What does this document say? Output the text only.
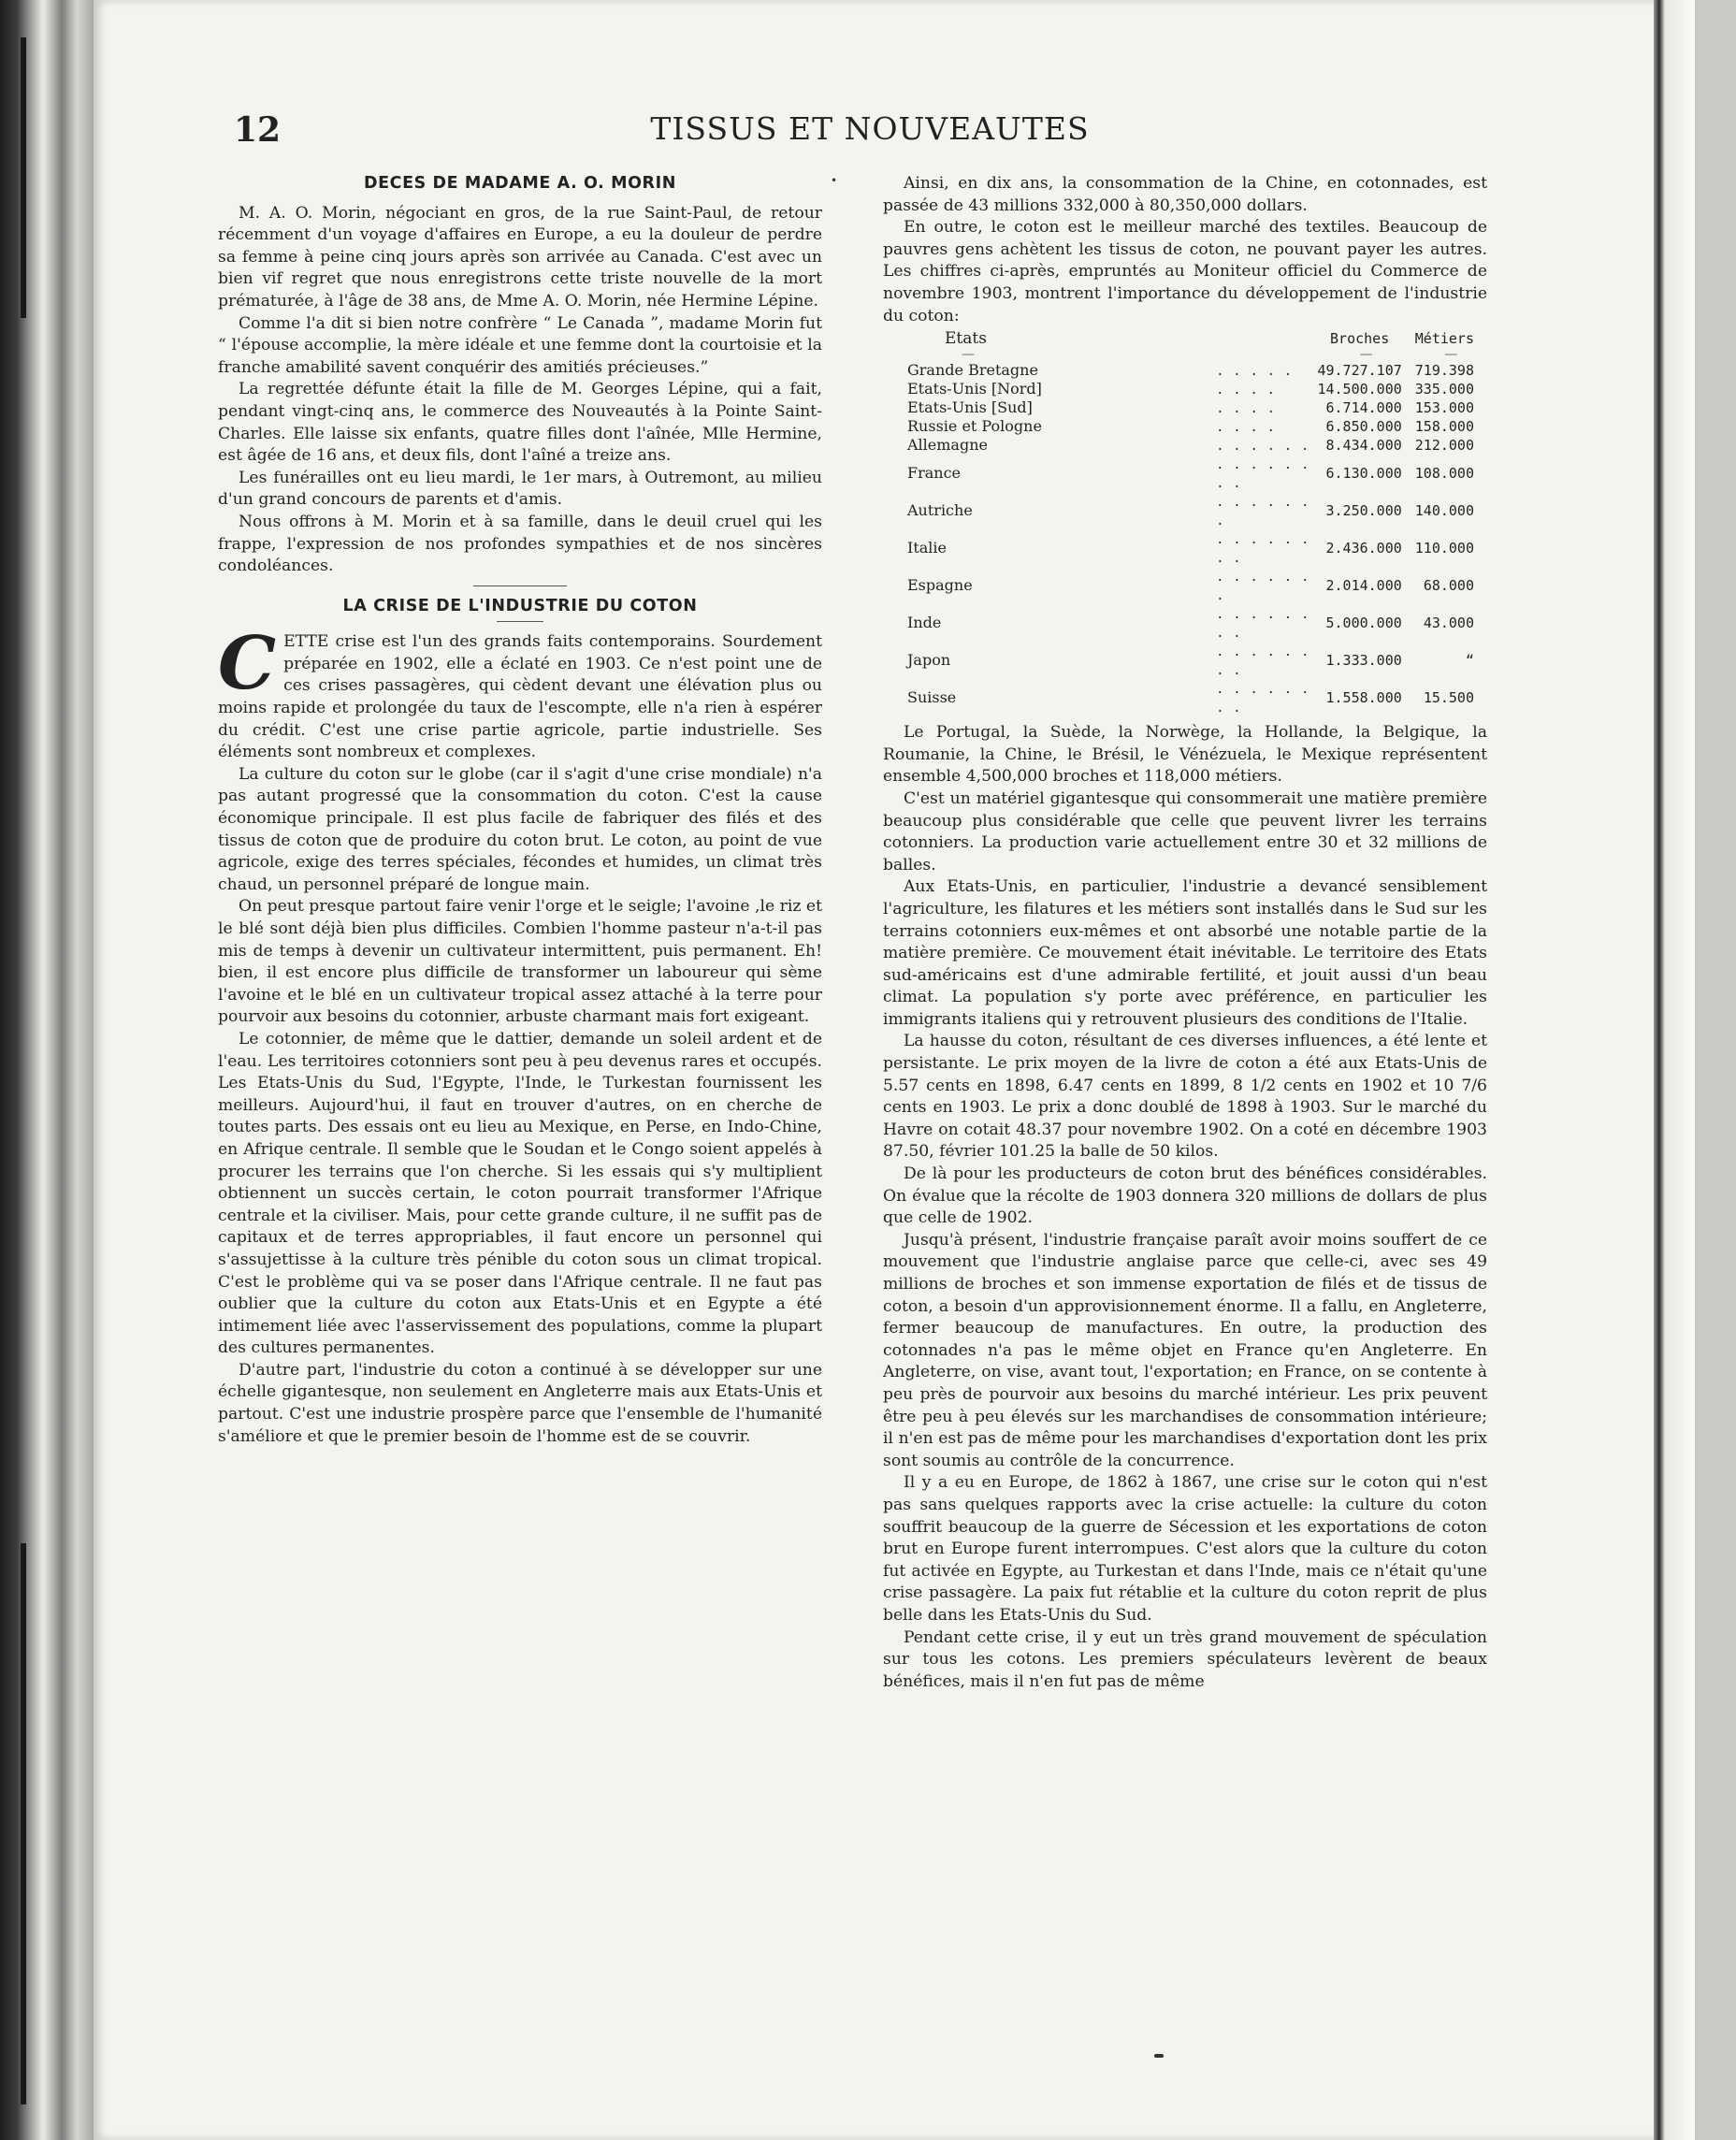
12	TISSUS ET NOUVEAUTES
•
DECES DE MADAME A. O. MORIN

M. A. O. Morin, négociant en gros, de la rue Saint-Paul, de retour récemment d'un voyage d'affaires en Europe, a eu la douleur de perdre sa femme à peine cinq jours après son arrivée au Canada. C'est avec un bien vif regret que nous enregistrons cette triste nouvelle de la mort prématurée, à l'âge de 38 ans, de Mme A. O. Morin, née Hermine Lépine.

Comme l'a dit si bien notre confrère “ Le Canada ”, madame Morin fut “ l'épouse accomplie, la mère idéale et une femme dont la courtoisie et la franche amabilité savent conquérir des amitiés précieuses.”

La regrettée défunte était la fille de M. Georges Lépine, qui a fait, pendant vingt-cinq ans, le commerce des Nouveautés à la Pointe Saint-Charles. Elle laisse six enfants, quatre filles dont l'aînée, Mlle Hermine, est âgée de 16 ans, et deux fils, dont l'aîné a treize ans.

Les funérailles ont eu lieu mardi, le 1er mars, à Outremont, au milieu d'un grand concours de parents et d'amis.

Nous offrons à M. Morin et à sa famille, dans le deuil cruel qui les frappe, l'expression de nos profondes sympathies et de nos sincères condoléances.

LA CRISE DE L'INDUSTRIE DU COTON

CETTE crise est l'un des grands faits contemporains. Sourdement préparée en 1902, elle a éclaté en 1903. Ce n'est point une de ces crises passagères, qui cèdent devant une élévation plus ou moins rapide et prolongée du taux de l'escompte, elle n'a rien à espérer du crédit. C'est une crise partie agricole, partie industrielle. Ses éléments sont nombreux et complexes.

La culture du coton sur le globe (car il s'agit d'une crise mondiale) n'a pas autant progressé que la consommation du coton. C'est la cause économique principale. Il est plus facile de fabriquer des filés et des tissus de coton que de produire du coton brut. Le coton, au point de vue agricole, exige des terres spéciales, fécondes et humides, un climat très chaud, un personnel préparé de longue main.

On peut presque partout faire venir l'orge et le seigle; l'avoine ,le riz et le blé sont déjà bien plus difficiles. Combien l'homme pasteur n'a-t-il pas mis de temps à devenir un cultivateur intermittent, puis permanent. Eh! bien, il est encore plus difficile de transformer un laboureur qui sème l'avoine et le blé en un cultivateur tropical assez attaché à la terre pour pourvoir aux besoins du cotonnier, arbuste charmant mais fort exigeant.

Le cotonnier, de même que le dattier, demande un soleil ardent et de l'eau. Les territoires cotonniers sont peu à peu devenus rares et occupés. Les Etats-Unis du Sud, l'Egypte, l'Inde, le Turkestan fournissent les meilleurs. Aujourd'hui, il faut en trouver d'autres, on en cherche de toutes parts. Des essais ont eu lieu au Mexique, en Perse, en Indo-Chine, en Afrique centrale. Il semble que le Soudan et le Congo soient appelés à procurer les terrains que l'on cherche. Si les essais qui s'y multiplient obtiennent un succès certain, le coton pourrait transformer l'Afrique centrale et la civiliser. Mais, pour cette grande culture, il ne suffit pas de capitaux et de terres appropriables, il faut encore un personnel qui s'assujettisse à la culture très pénible du coton sous un climat tropical. C'est le problème qui va se poser dans l'Afrique centrale. Il ne faut pas oublier que la culture du coton aux Etats-Unis et en Egypte a été intimement liée avec l'asservissement des populations, comme la plupart des cultures permanentes.

D'autre part, l'industrie du coton a continué à se développer sur une échelle gigantesque, non seulement en Angleterre mais aux Etats-Unis et partout. C'est une industrie prospère parce que l'ensemble de l'humanité s'améliore et que le premier besoin de l'homme est de se couvrir.

Ainsi, en dix ans, la consommation de la Chine, en cotonnades, est passée de 43 millions 332,000 à 80,350,000 dollars.

En outre, le coton est le meilleur marché des textiles. Beaucoup de pauvres gens achètent les tissus de coton, ne pouvant payer les autres. Les chiffres ci-après, empruntés au Moniteur officiel du Commerce de novembre 1903, montrent l'importance du développement de l'industrie du coton:

Etats		Broches	Métiers
—		—	—
Grande Bretagne	. . . . .	49.727.107	719.398
Etats-Unis [Nord]	. . . .	14.500.000	335.000
Etats-Unis [Sud]	. . . .	6.714.000	153.000
Russie et Pologne	. . . .	6.850.000	158.000
Allemagne	. . . . . .	8.434.000	212.000
France	. . . . . . . .	6.130.000	108.000
Autriche	. . . . . . .	3.250.000	140.000
Italie	. . . . . . . .	2.436.000	110.000
Espagne	. . . . . . .	2.014.000	68.000
Inde	. . . . . . . .	5.000.000	43.000
Japon	. . . . . . . .	1.333.000	“
Suisse	. . . . . . . .	1.558.000	15.500

Le Portugal, la Suède, la Norwège, la Hollande, la Belgique, la Roumanie, la Chine, le Brésil, le Vénézuela, le Mexique représentent ensemble 4,500,000 broches et 118,000 métiers.

C'est un matériel gigantesque qui consommerait une matière première beaucoup plus considérable que celle que peuvent livrer les terrains cotonniers. La production varie actuellement entre 30 et 32 millions de balles.

Aux Etats-Unis, en particulier, l'industrie a devancé sensiblement l'agriculture, les filatures et les métiers sont installés dans le Sud sur les terrains cotonniers eux-mêmes et ont absorbé une notable partie de la matière première. Ce mouvement était inévitable. Le territoire des Etats sud-américains est d'une admirable fertilité, et jouit aussi d'un beau climat. La population s'y porte avec préférence, en particulier les immigrants italiens qui y retrouvent plusieurs des conditions de l'Italie.

La hausse du coton, résultant de ces diverses influences, a été lente et persistante. Le prix moyen de la livre de coton a été aux Etats-Unis de 5.57 cents en 1898, 6.47 cents en 1899, 8 1/2 cents en 1902 et 10 7/6 cents en 1903. Le prix a donc doublé de 1898 à 1903. Sur le marché du Havre on cotait 48.37 pour novembre 1902. On a coté en décembre 1903 87.50, février 101.25 la balle de 50 kilos.

De là pour les producteurs de coton brut des bénéfices considérables. On évalue que la récolte de 1903 donnera 320 millions de dollars de plus que celle de 1902.

Jusqu'à présent, l'industrie française paraît avoir moins souffert de ce mouvement que l'industrie anglaise parce que celle-ci, avec ses 49 millions de broches et son immense exportation de filés et de tissus de coton, a besoin d'un approvisionnement énorme. Il a fallu, en Angleterre, fermer beaucoup de manufactures. En outre, la production des cotonnades n'a pas le même objet en France qu'en Angleterre. En Angleterre, on vise, avant tout, l'exportation; en France, on se contente à peu près de pourvoir aux besoins du marché intérieur. Les prix peuvent être peu à peu élevés sur les marchandises de consommation intérieure; il n'en est pas de même pour les marchandises d'exportation dont les prix sont soumis au contrôle de la concurrence.

Il y a eu en Europe, de 1862 à 1867, une crise sur le coton qui n'est pas sans quelques rapports avec la crise actuelle: la culture du coton souffrit beaucoup de la guerre de Sécession et les exportations de coton brut en Europe furent interrompues. C'est alors que la culture du coton fut activée en Egypte, au Turkestan et dans l'Inde, mais ce n'était qu'une crise passagère. La paix fut rétablie et la culture du coton reprit de plus belle dans les Etats-Unis du Sud.

Pendant cette crise, il y eut un très grand mouvement de spéculation sur tous les cotons. Les premiers spéculateurs levèrent de beaux bénéfices, mais il n'en fut pas de même
